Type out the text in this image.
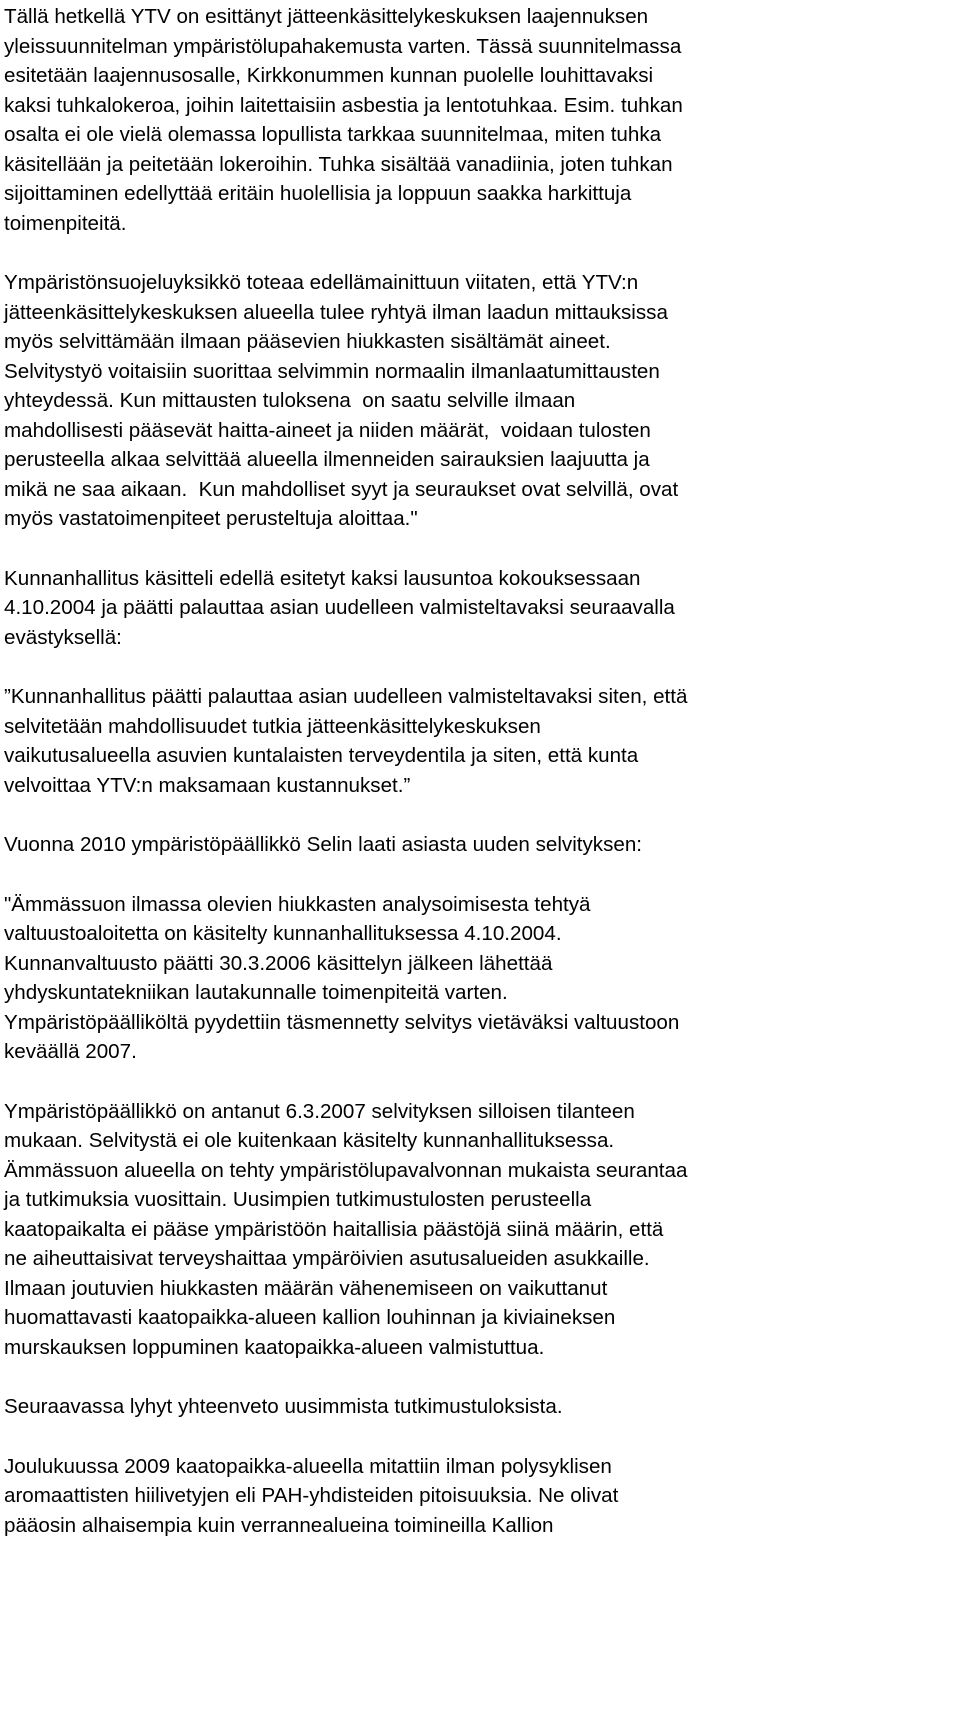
Tällä hetkellä YTV on esittänyt jätteenkäsittelykeskuksen laajennuksen
yleissuunnitelman ympäristölupahakemusta varten. Tässä suunnitelmassa
esitetään laajennusosalle, Kirkkonummen kunnan puolelle louhittavaksi
kaksi tuhkalokeroa, joihin laitettaisiin asbestia ja lentotuhkaa. Esim. tuhkan
osalta ei ole vielä olemassa lopullista tarkkaa suunnitelmaa, miten tuhka
käsitellään ja peitetään lokeroihin. Tuhka sisältää vanadiinia, joten tuhkan
sijoittaminen edellyttää eritäin huolellisia ja loppuun saakka harkittuja
toimenpiteitä.

Ympäristönsuojeluyksikkö toteaa edellämainittuun viitaten, että YTV:n
jätteenkäsittelykeskuksen alueella tulee ryhtyä ilman laadun mittauksissa
myös selvittämään ilmaan pääsevien hiukkasten sisältämät aineet.
Selvitystyö voitaisiin suorittaa selvimmin normaalin ilmanlaatumittausten
yhteydessä. Kun mittausten tuloksena  on saatu selville ilmaan
mahdollisesti pääsevät haitta-aineet ja niiden määrät,  voidaan tulosten
perusteella alkaa selvittää alueella ilmenneiden sairauksien laajuutta ja
mikä ne saa aikaan.  Kun mahdolliset syyt ja seuraukset ovat selvillä, ovat
myös vastatoimenpiteet perusteltuja aloittaa."

Kunnanhallitus käsitteli edellä esitetyt kaksi lausuntoa kokouksessaan
4.10.2004 ja päätti palauttaa asian uudelleen valmisteltavaksi seuraavalla
evästyksellä:

”Kunnanhallitus päätti palauttaa asian uudelleen valmisteltavaksi siten, että
selvitetään mahdollisuudet tutkia jätteenkäsittelykeskuksen
vaikutusalueella asuvien kuntalaisten terveydentila ja siten, että kunta
velvoittaa YTV:n maksamaan kustannukset.”

Vuonna 2010 ympäristöpäällikkö Selin laati asiasta uuden selvityksen:

"Ämmässuon ilmassa olevien hiukkasten analysoimisesta tehtyä
valtuustoaloitetta on käsitelty kunnanhallituksessa 4.10.2004.
Kunnanvaltuusto päätti 30.3.2006 käsittelyn jälkeen lähettää
yhdyskuntatekniikan lautakunnalle toimenpiteitä varten.
Ympäristöpäälliköltä pyydettiin täsmennetty selvitys vietäväksi valtuustoon
keväällä 2007.

Ympäristöpäällikkö on antanut 6.3.2007 selvityksen silloisen tilanteen
mukaan. Selvitystä ei ole kuitenkaan käsitelty kunnanhallituksessa.
Ämmässuon alueella on tehty ympäristölupavalvonnan mukaista seurantaa
ja tutkimuksia vuosittain. Uusimpien tutkimustulosten perusteella
kaatopaikalta ei pääse ympäristöön haitallisia päästöjä siinä määrin, että
ne aiheuttaisivat terveyshaittaa ympäröivien asutusalueiden asukkaille.
Ilmaan joutuvien hiukkasten määrän vähenemiseen on vaikuttanut
huomattavasti kaatopaikka-alueen kallion louhinnan ja kiviaineksen
murskauksen loppuminen kaatopaikka-alueen valmistuttua.

Seuraavassa lyhyt yhteenveto uusimmista tutkimustuloksista.

Joulukuussa 2009 kaatopaikka-alueella mitattiin ilman polysyklisen
aromaattisten hiilivetyjen eli PAH-yhdisteiden pitoisuuksia. Ne olivat
pääosin alhaisempia kuin verrannealueina toimineilla Kallion
